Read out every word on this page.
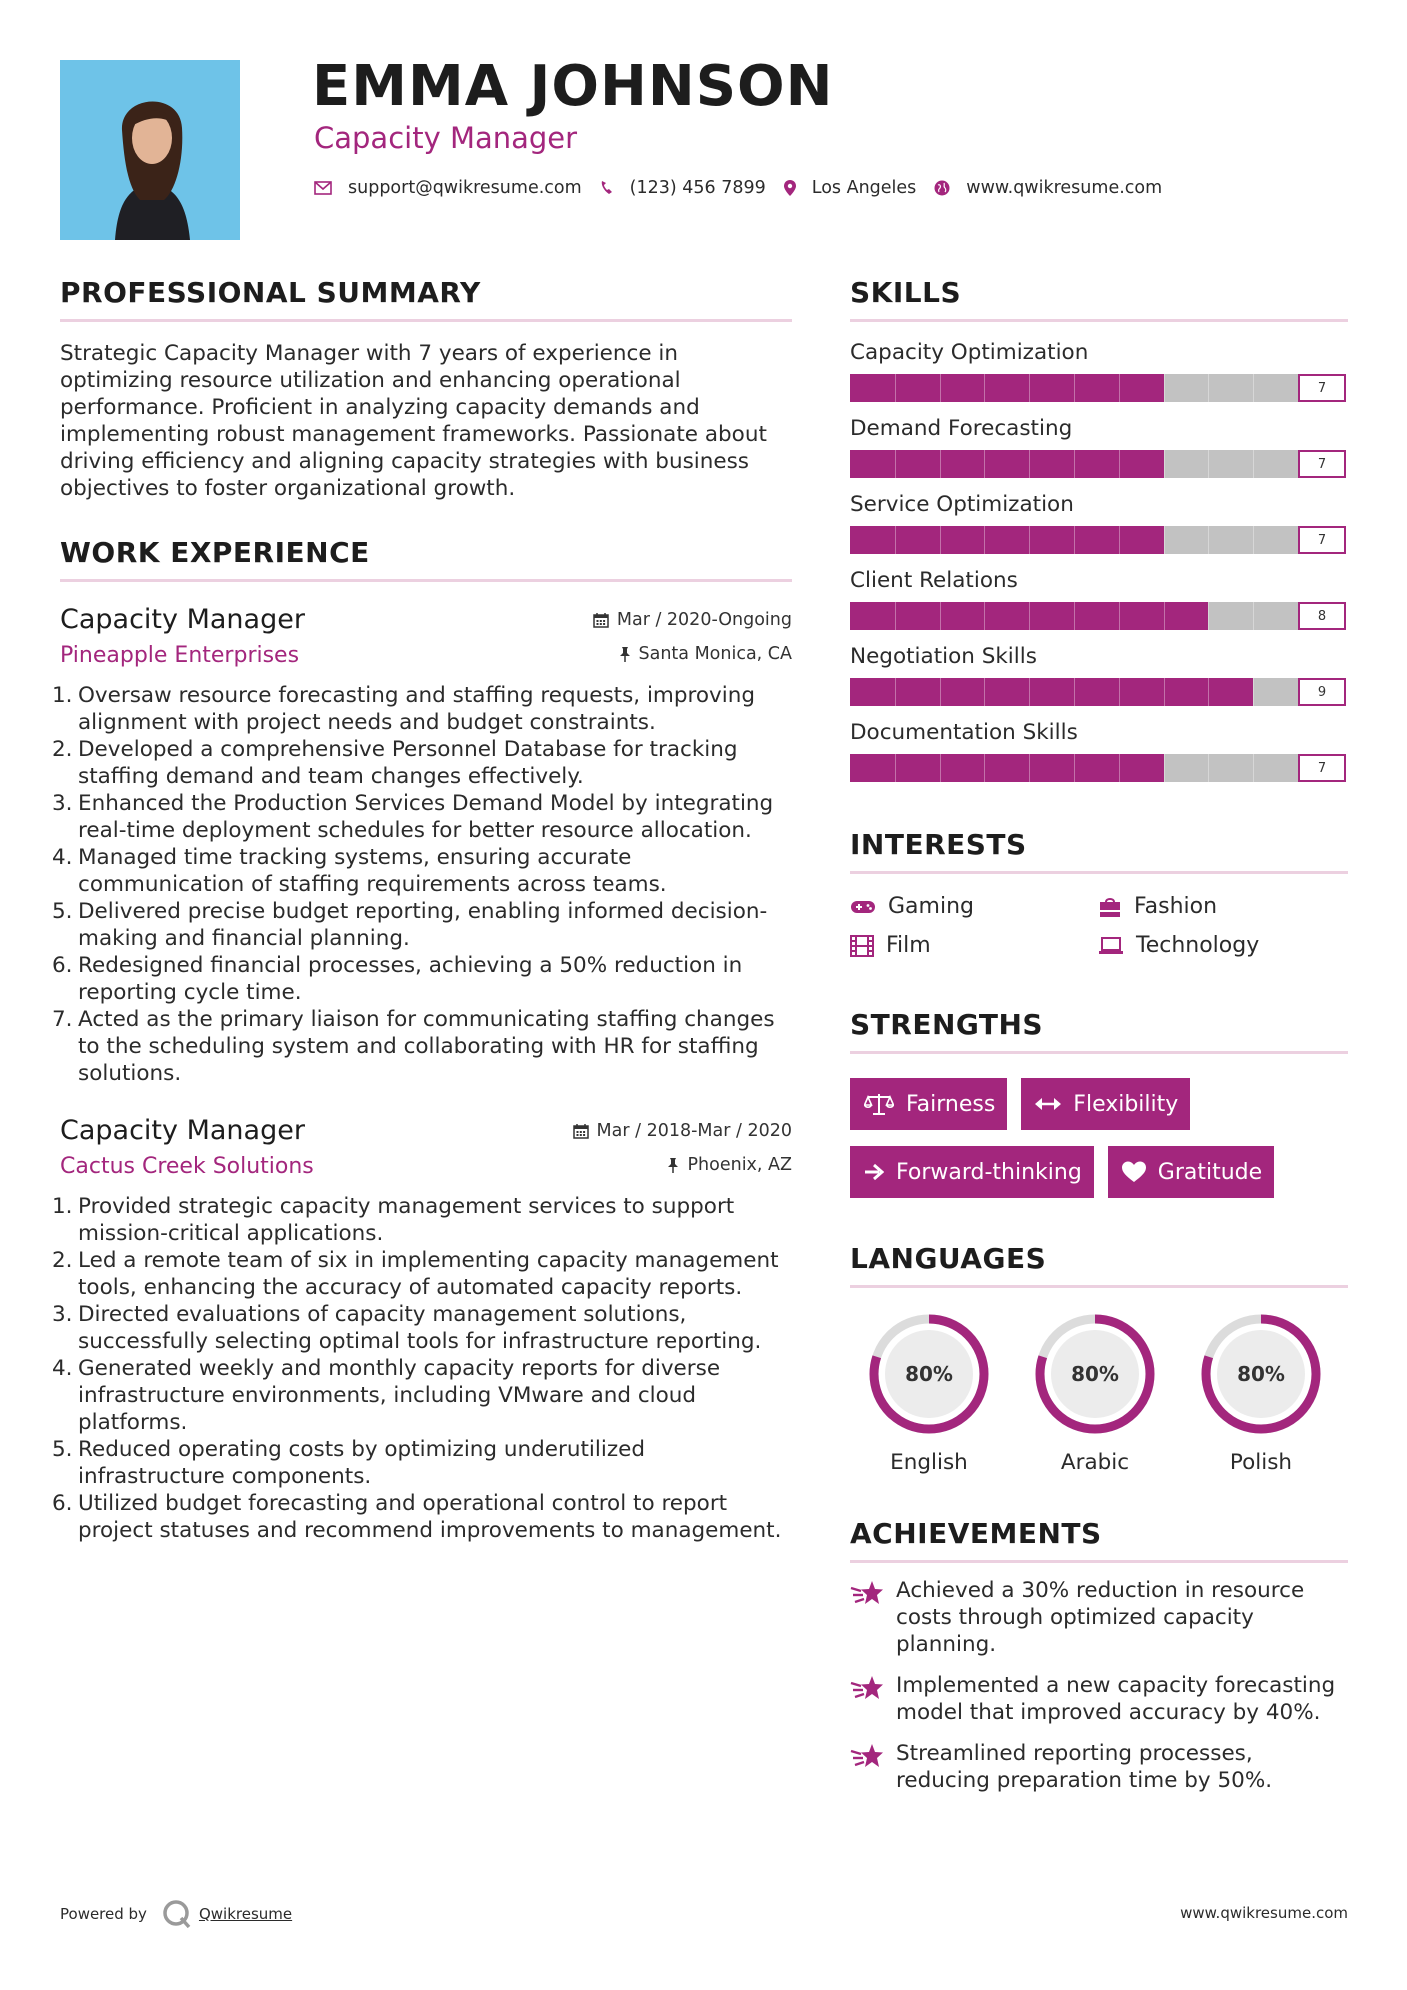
EMMA JOHNSON
Capacity Manager
support@qwikresume.com	(123) 456 7899	Los Angeles	www.qwikresume.com
PROFESSIONAL SUMMARY
Strategic Capacity Manager with 7 years of experience in optimizing resource utilization and enhancing operational performance. Proficient in analyzing capacity demands and implementing robust management frameworks. Passionate about driving efficiency and aligning capacity strategies with business objectives to foster organizational growth.
WORK EXPERIENCE
Capacity Manager	Mar / 2020-Ongoing
Pineapple Enterprises	Santa Monica, CA
1. Oversaw resource forecasting and staffing requests, improving alignment with project needs and budget constraints.
2. Developed a comprehensive Personnel Database for tracking staffing demand and team changes effectively.
3. Enhanced the Production Services Demand Model by integrating real-time deployment schedules for better resource allocation.
4. Managed time tracking systems, ensuring accurate communication of staffing requirements across teams.
5. Delivered precise budget reporting, enabling informed decision-making and financial planning.
6. Redesigned financial processes, achieving a 50% reduction in reporting cycle time.
7. Acted as the primary liaison for communicating staffing changes to the scheduling system and collaborating with HR for staffing solutions.
Capacity Manager	Mar / 2018-Mar / 2020
Cactus Creek Solutions	Phoenix, AZ
1. Provided strategic capacity management services to support mission-critical applications.
2. Led a remote team of six in implementing capacity management tools, enhancing the accuracy of automated capacity reports.
3. Directed evaluations of capacity management solutions, successfully selecting optimal tools for infrastructure reporting.
4. Generated weekly and monthly capacity reports for diverse infrastructure environments, including VMware and cloud platforms.
5. Reduced operating costs by optimizing underutilized infrastructure components.
6. Utilized budget forecasting and operational control to report project statuses and recommend improvements to management.
SKILLS
Capacity Optimization
7
Demand Forecasting
7
Service Optimization
7
Client Relations
8
Negotiation Skills
9
Documentation Skills
7
INTERESTS
Gaming	Fashion
Film	Technology
STRENGTHS
Fairness	Flexibility
Forward-thinking	Gratitude
LANGUAGES
80%
English
80%
Arabic
80%
Polish
ACHIEVEMENTS
Achieved a 30% reduction in resource costs through optimized capacity planning.
Implemented a new capacity forecasting model that improved accuracy by 40%.
Streamlined reporting processes, reducing preparation time by 50%.
Powered by	Qwikresume	www.qwikresume.com
